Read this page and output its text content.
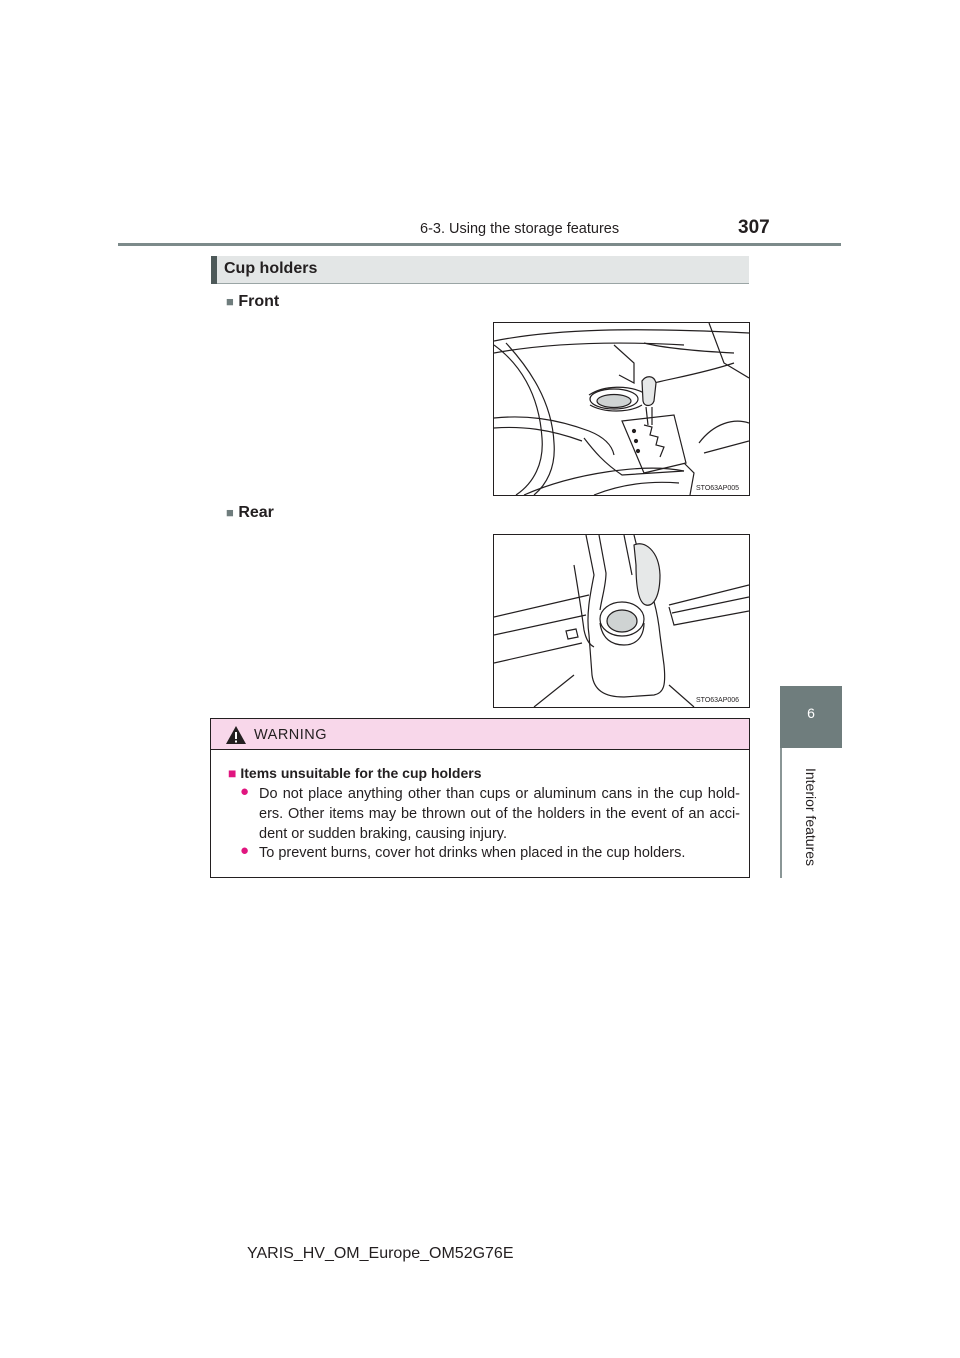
6-3. Using the storage features	307
6
Interior features
Cup holders
■ Front
STO63AP005
■ Rear
STO63AP006
WARNING
■ Items unsuitable for the cup holders
● Do not place anything other than cups or aluminum cans in the cup hold-ers. Other items may be thrown out of the holders in the event of an acci-dent or sudden braking, causing injury.
● To prevent burns, cover hot drinks when placed in the cup holders.
YARIS_HV_OM_Europe_OM52G76E
